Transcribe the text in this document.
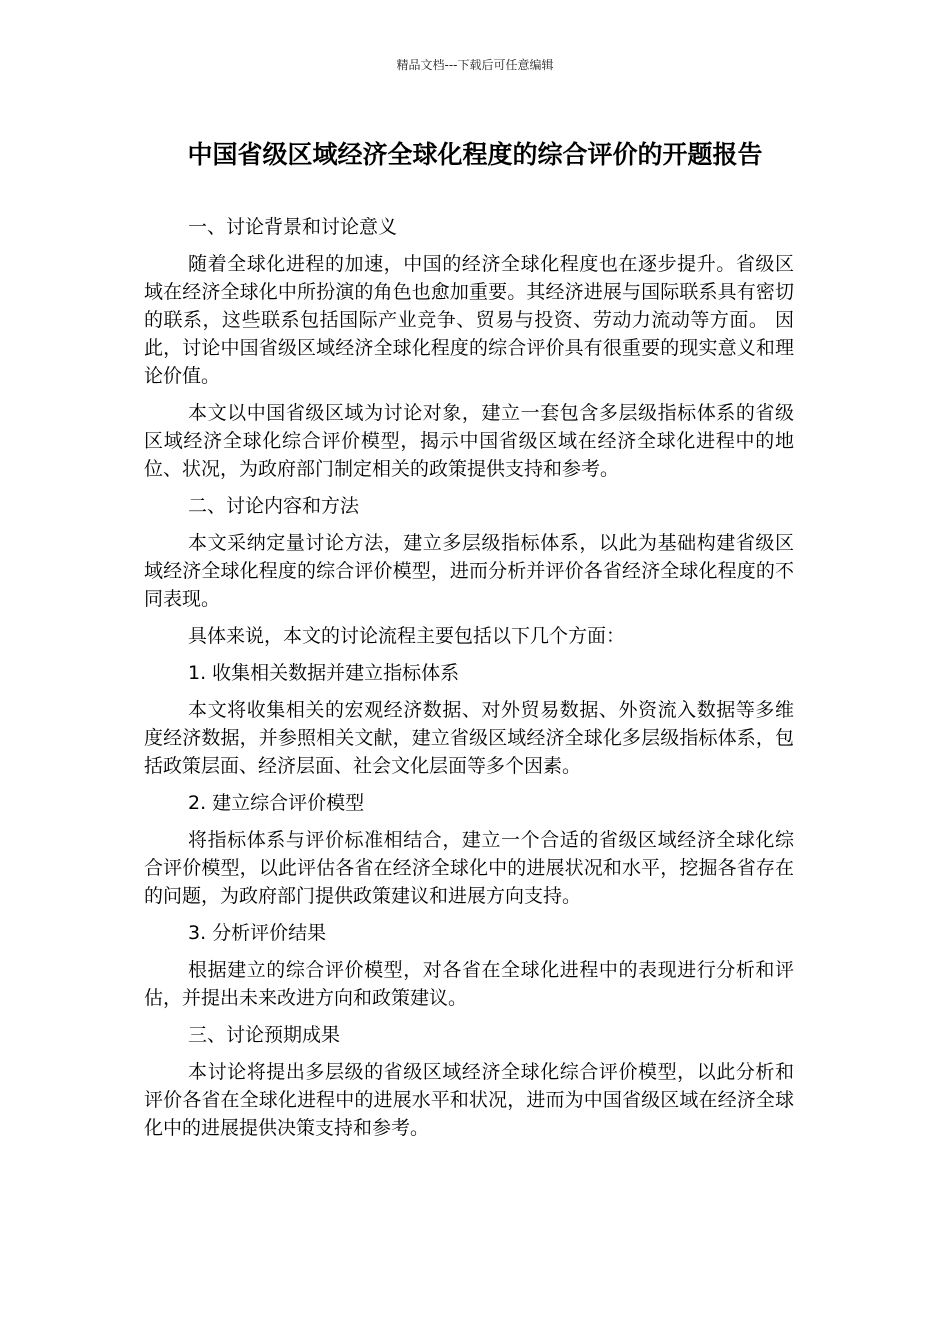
精品文档---下载后可任意编辑
中国省级区域经济全球化程度的综合评价的开题报告

一、讨论背景和讨论意义

随着全球化进程的加速，中国的经济全球化程度也在逐步提升。省级区域在经济全球化中所扮演的角色也愈加重要。其经济进展与国际联系具有密切的联系，这些联系包括国际产业竞争、贸易与投资、劳动力流动等方面。 因此，讨论中国省级区域经济全球化程度的综合评价具有很重要的现实意义和理论价值。

本文以中国省级区域为讨论对象，建立一套包含多层级指标体系的省级区域经济全球化综合评价模型，揭示中国省级区域在经济全球化进程中的地位、状况，为政府部门制定相关的政策提供支持和参考。

二、讨论内容和方法

本文采纳定量讨论方法，建立多层级指标体系，以此为基础构建省级区域经济全球化程度的综合评价模型，进而分析并评价各省经济全球化程度的不同表现。

具体来说，本文的讨论流程主要包括以下几个方面：

1. 收集相关数据并建立指标体系

本文将收集相关的宏观经济数据、对外贸易数据、外资流入数据等多维度经济数据，并参照相关文献，建立省级区域经济全球化多层级指标体系，包括政策层面、经济层面、社会文化层面等多个因素。

2. 建立综合评价模型

将指标体系与评价标准相结合，建立一个合适的省级区域经济全球化综合评价模型，以此评估各省在经济全球化中的进展状况和水平，挖掘各省存在的问题，为政府部门提供政策建议和进展方向支持。

3. 分析评价结果

根据建立的综合评价模型，对各省在全球化进程中的表现进行分析和评估，并提出未来改进方向和政策建议。

三、讨论预期成果

本讨论将提出多层级的省级区域经济全球化综合评价模型，以此分析和评价各省在全球化进程中的进展水平和状况，进而为中国省级区域在经济全球化中的进展提供决策支持和参考。
